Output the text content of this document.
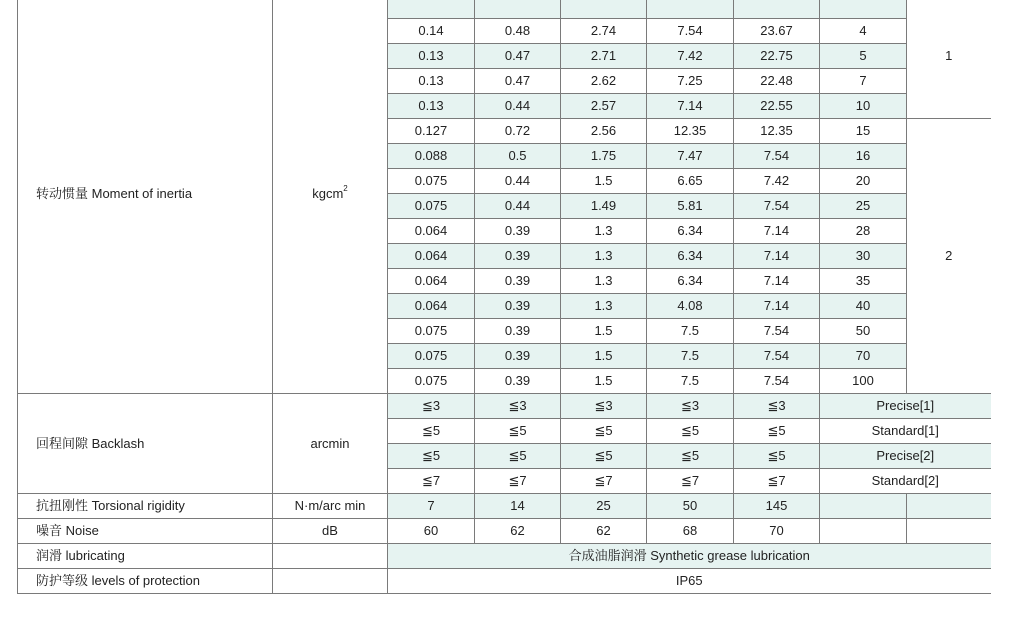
转动惯量 Moment of inertia	kgcm$^2$							1
		0.14	0.48	2.74	7.54	23.67	4	
		0.13	0.47	2.71	7.42	22.75	5	
		0.13	0.47	2.62	7.25	22.48	7	
		0.13	0.44	2.57	7.14	22.55	10	
		0.127	0.72	2.56	12.35	12.35	15	2
		0.088	0.5	1.75	7.47	7.54	16	
		0.075	0.44	1.5	6.65	7.42	20	
		0.075	0.44	1.49	5.81	7.54	25	
		0.064	0.39	1.3	6.34	7.14	28	
		0.064	0.39	1.3	6.34	7.14	30	
		0.064	0.39	1.3	6.34	7.14	35	
		0.064	0.39	1.3	4.08	7.14	40	
		0.075	0.39	1.5	7.5	7.54	50	
		0.075	0.39	1.5	7.5	7.54	70	
		0.075	0.39	1.5	7.5	7.54	100	
回程间隙 Backlash	arcmin	≦3	≦3	≦3	≦3	≦3	Precise[1]	
		≦5	≦5	≦5	≦5	≦5	Standard[1]	
		≦5	≦5	≦5	≦5	≦5	Precise[2]	
		≦7	≦7	≦7	≦7	≦7	Standard[2]	
抗扭刚性 Torsional rigidity	N·m/arc min	7	14	25	50	145		
噪音 Noise	dB	60	62	62	68	70		
润滑 lubricating		合成油脂润滑 Synthetic grease lubrication						
防护等级 levels of protection		IP65						
